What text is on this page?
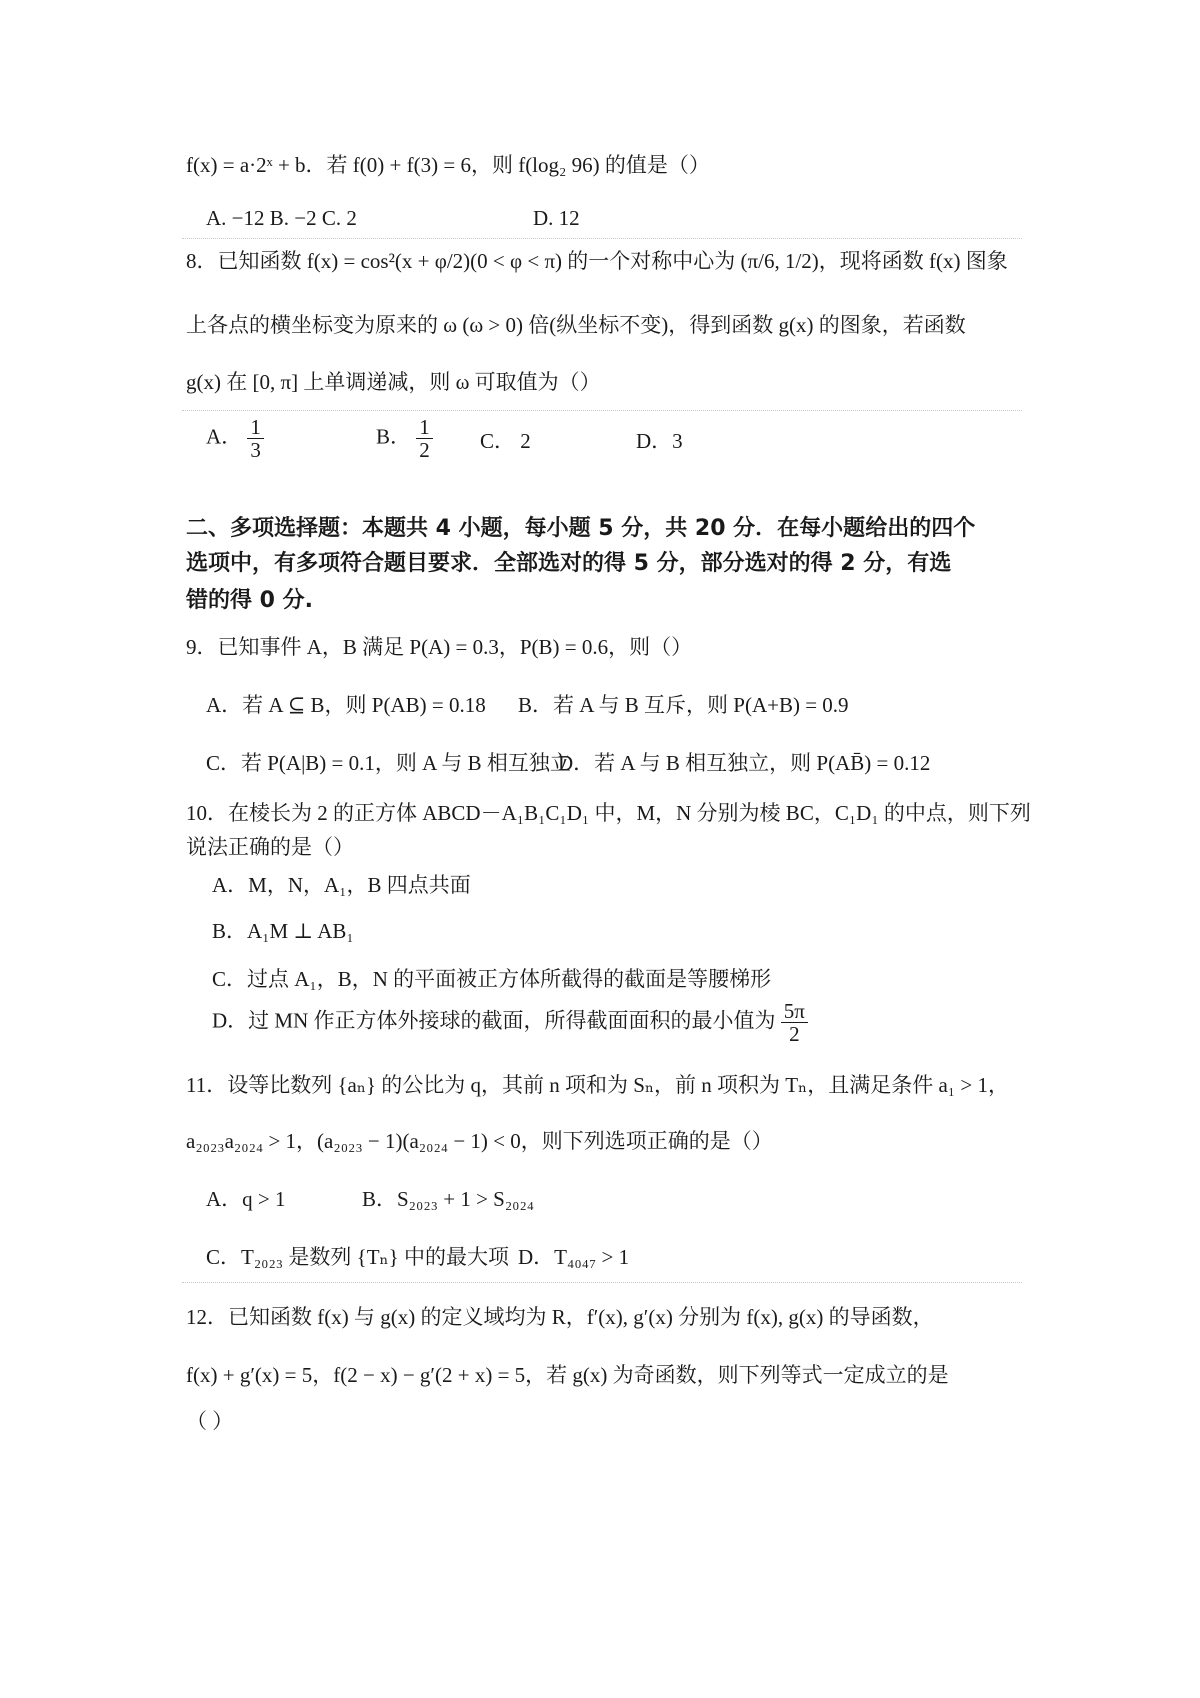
f(x) = a·2ˣ + b．若 f(0) + f(3) = 6，则 f(log₂ 96) 的值是（）
A. −12 B. −2 C. 2	D. 12
8．已知函数 f(x) = cos²(x + φ/2)(0 < φ < π) 的一个对称中心为 (π/6, 1/2)，现将函数 f(x) 图象
上各点的横坐标变为原来的 ω (ω > 0) 倍(纵坐标不变)，得到函数 g(x) 的图象，若函数
g(x) 在 [0, π] 上单调递减，则 ω 可取值为（）
A． $\frac{1}{3}$	B． $\frac{1}{2}$ C． 2	D．3
二、多项选择题：本题共 4 小题，每小题 5 分，共 20 分．在每小题给出的四个
选项中，有多项符合题目要求．全部选对的得 5 分，部分选对的得 2 分，有选
错的得 0 分.
9．已知事件 A，B 满足 P(A) = 0.3，P(B) = 0.6，则（）
A．若 A ⊆ B，则 P(AB) = 0.18 B．若 A 与 B 互斥，则 P(A+B) = 0.9
C．若 P(A|B) = 0.1，则 A 与 B 相互独立
D．若 A 与 B 相互独立，则 P(AB̄) = 0.12
10．在棱长为 2 的正方体 ABCD－A₁B₁C₁D₁ 中，M，N 分别为棱 BC，C₁D₁ 的中点，则下列
说法正确的是（）
A．M，N，A₁，B 四点共面
B．A₁M ⊥ AB₁
C．过点 A₁，B，N 的平面被正方体所截得的截面是等腰梯形
D．过 MN 作正方体外接球的截面，所得截面面积的最小值为 $\frac{5\pi}{2}$
11．设等比数列 {aₙ} 的公比为 q，其前 n 项和为 Sₙ，前 n 项积为 Tₙ，且满足条件 a₁ > 1，
a₂₀₂₃a₂₀₂₄ > 1，(a₂₀₂₃ − 1)(a₂₀₂₄ − 1) < 0，则下列选项正确的是（）
A．q > 1	B．S₂₀₂₃ + 1 > S₂₀₂₄
C．T₂₀₂₃ 是数列 {Tₙ} 中的最大项 D．T₄₀₄₇ > 1
12．已知函数 f(x) 与 g(x) 的定义域均为 R，f′(x), g′(x) 分别为 f(x), g(x) 的导函数，
f(x) + g′(x) = 5，f(2 − x) − g′(2 + x) = 5，若 g(x) 为奇函数，则下列等式一定成立的是
（ ）
